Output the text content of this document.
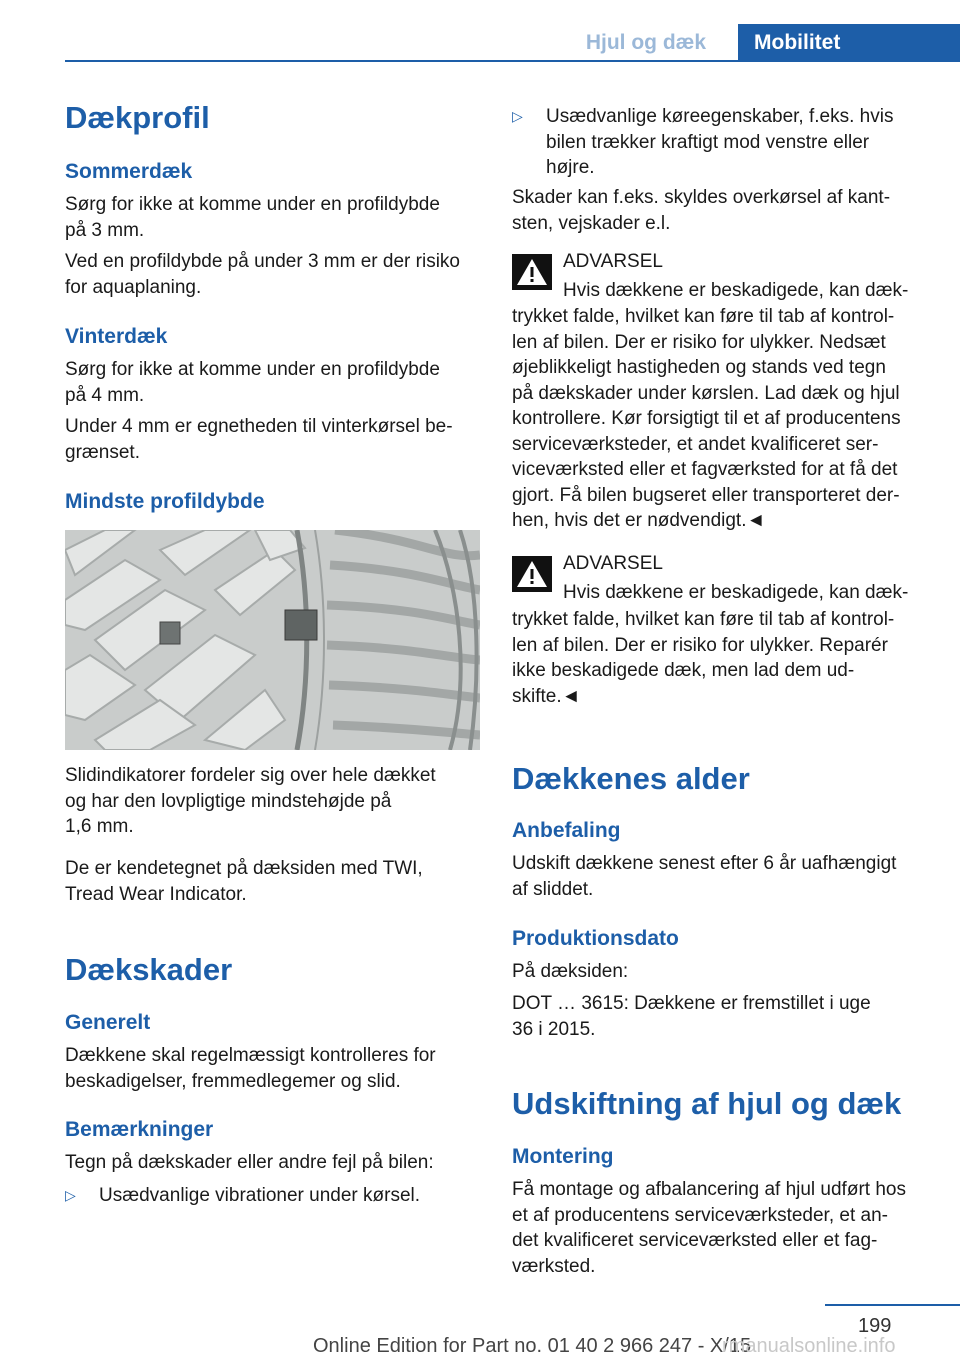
Hjul og dæk	Mobilitet
Dækprofil
Sommerdæk
Sørg for ikke at komme under en profildybde
på 3 mm.
Ved en profildybde på under 3 mm er der risiko
for aquaplaning.
Vinterdæk
Sørg for ikke at komme under en profildybde
på 4 mm.
Under 4 mm er egnetheden til vinterkørsel be‐
grænset.
Mindste profildybde
Slidindikatorer fordeler sig over hele dækket
og har den lovpligtige mindstehøjde på
1,6 mm.
De er kendetegnet på dæksiden med TWI,
Tread Wear Indicator.
Dækskader
Generelt
Dækkene skal regelmæssigt kontrolleres for
beskadigelser, fremmedlegemer og slid.
Bemærkninger
Tegn på dækskader eller andre fejl på bilen:
▷ Usædvanlige vibrationer under kørsel.
▷ Usædvanlige køreegenskaber, f.eks. hvis
bilen trækker kraftigt mod venstre eller
højre.
Skader kan f.eks. skyldes overkørsel af kant‐
sten, vejskader e.l.
ADVARSEL
Hvis dækkene er beskadigede, kan dæk‐
trykket falde, hvilket kan føre til tab af kontrol‐
len af bilen. Der er risiko for ulykker. Nedsæt
øjeblikkeligt hastigheden og stands ved tegn
på dækskader under kørslen. Lad dæk og hjul
kontrollere. Kør forsigtigt til et af producentens
serviceværksteder, et andet kvalificeret ser‐
viceværksted eller et fagværksted for at få det
gjort. Få bilen bugseret eller transporteret der‐
hen, hvis det er nødvendigt.◄
ADVARSEL
Hvis dækkene er beskadigede, kan dæk‐
trykket falde, hvilket kan føre til tab af kontrol‐
len af bilen. Der er risiko for ulykker. Reparér
ikke beskadigede dæk, men lad dem ud‐
skifte.◄
Dækkenes alder
Anbefaling
Udskift dækkene senest efter 6 år uafhængigt
af sliddet.
Produktionsdato
På dæksiden:
DOT … 3615: Dækkene er fremstillet i uge
36 i 2015.
Udskiftning af hjul og dæk
Montering
Få montage og afbalancering af hjul udført hos
et af producentens serviceværksteder, et an‐
det kvalificeret serviceværksted eller et fag‐
værksted.
199
Online Edition for Part no. 01 40 2 966 247 - X/15
rmanualsonline.info
